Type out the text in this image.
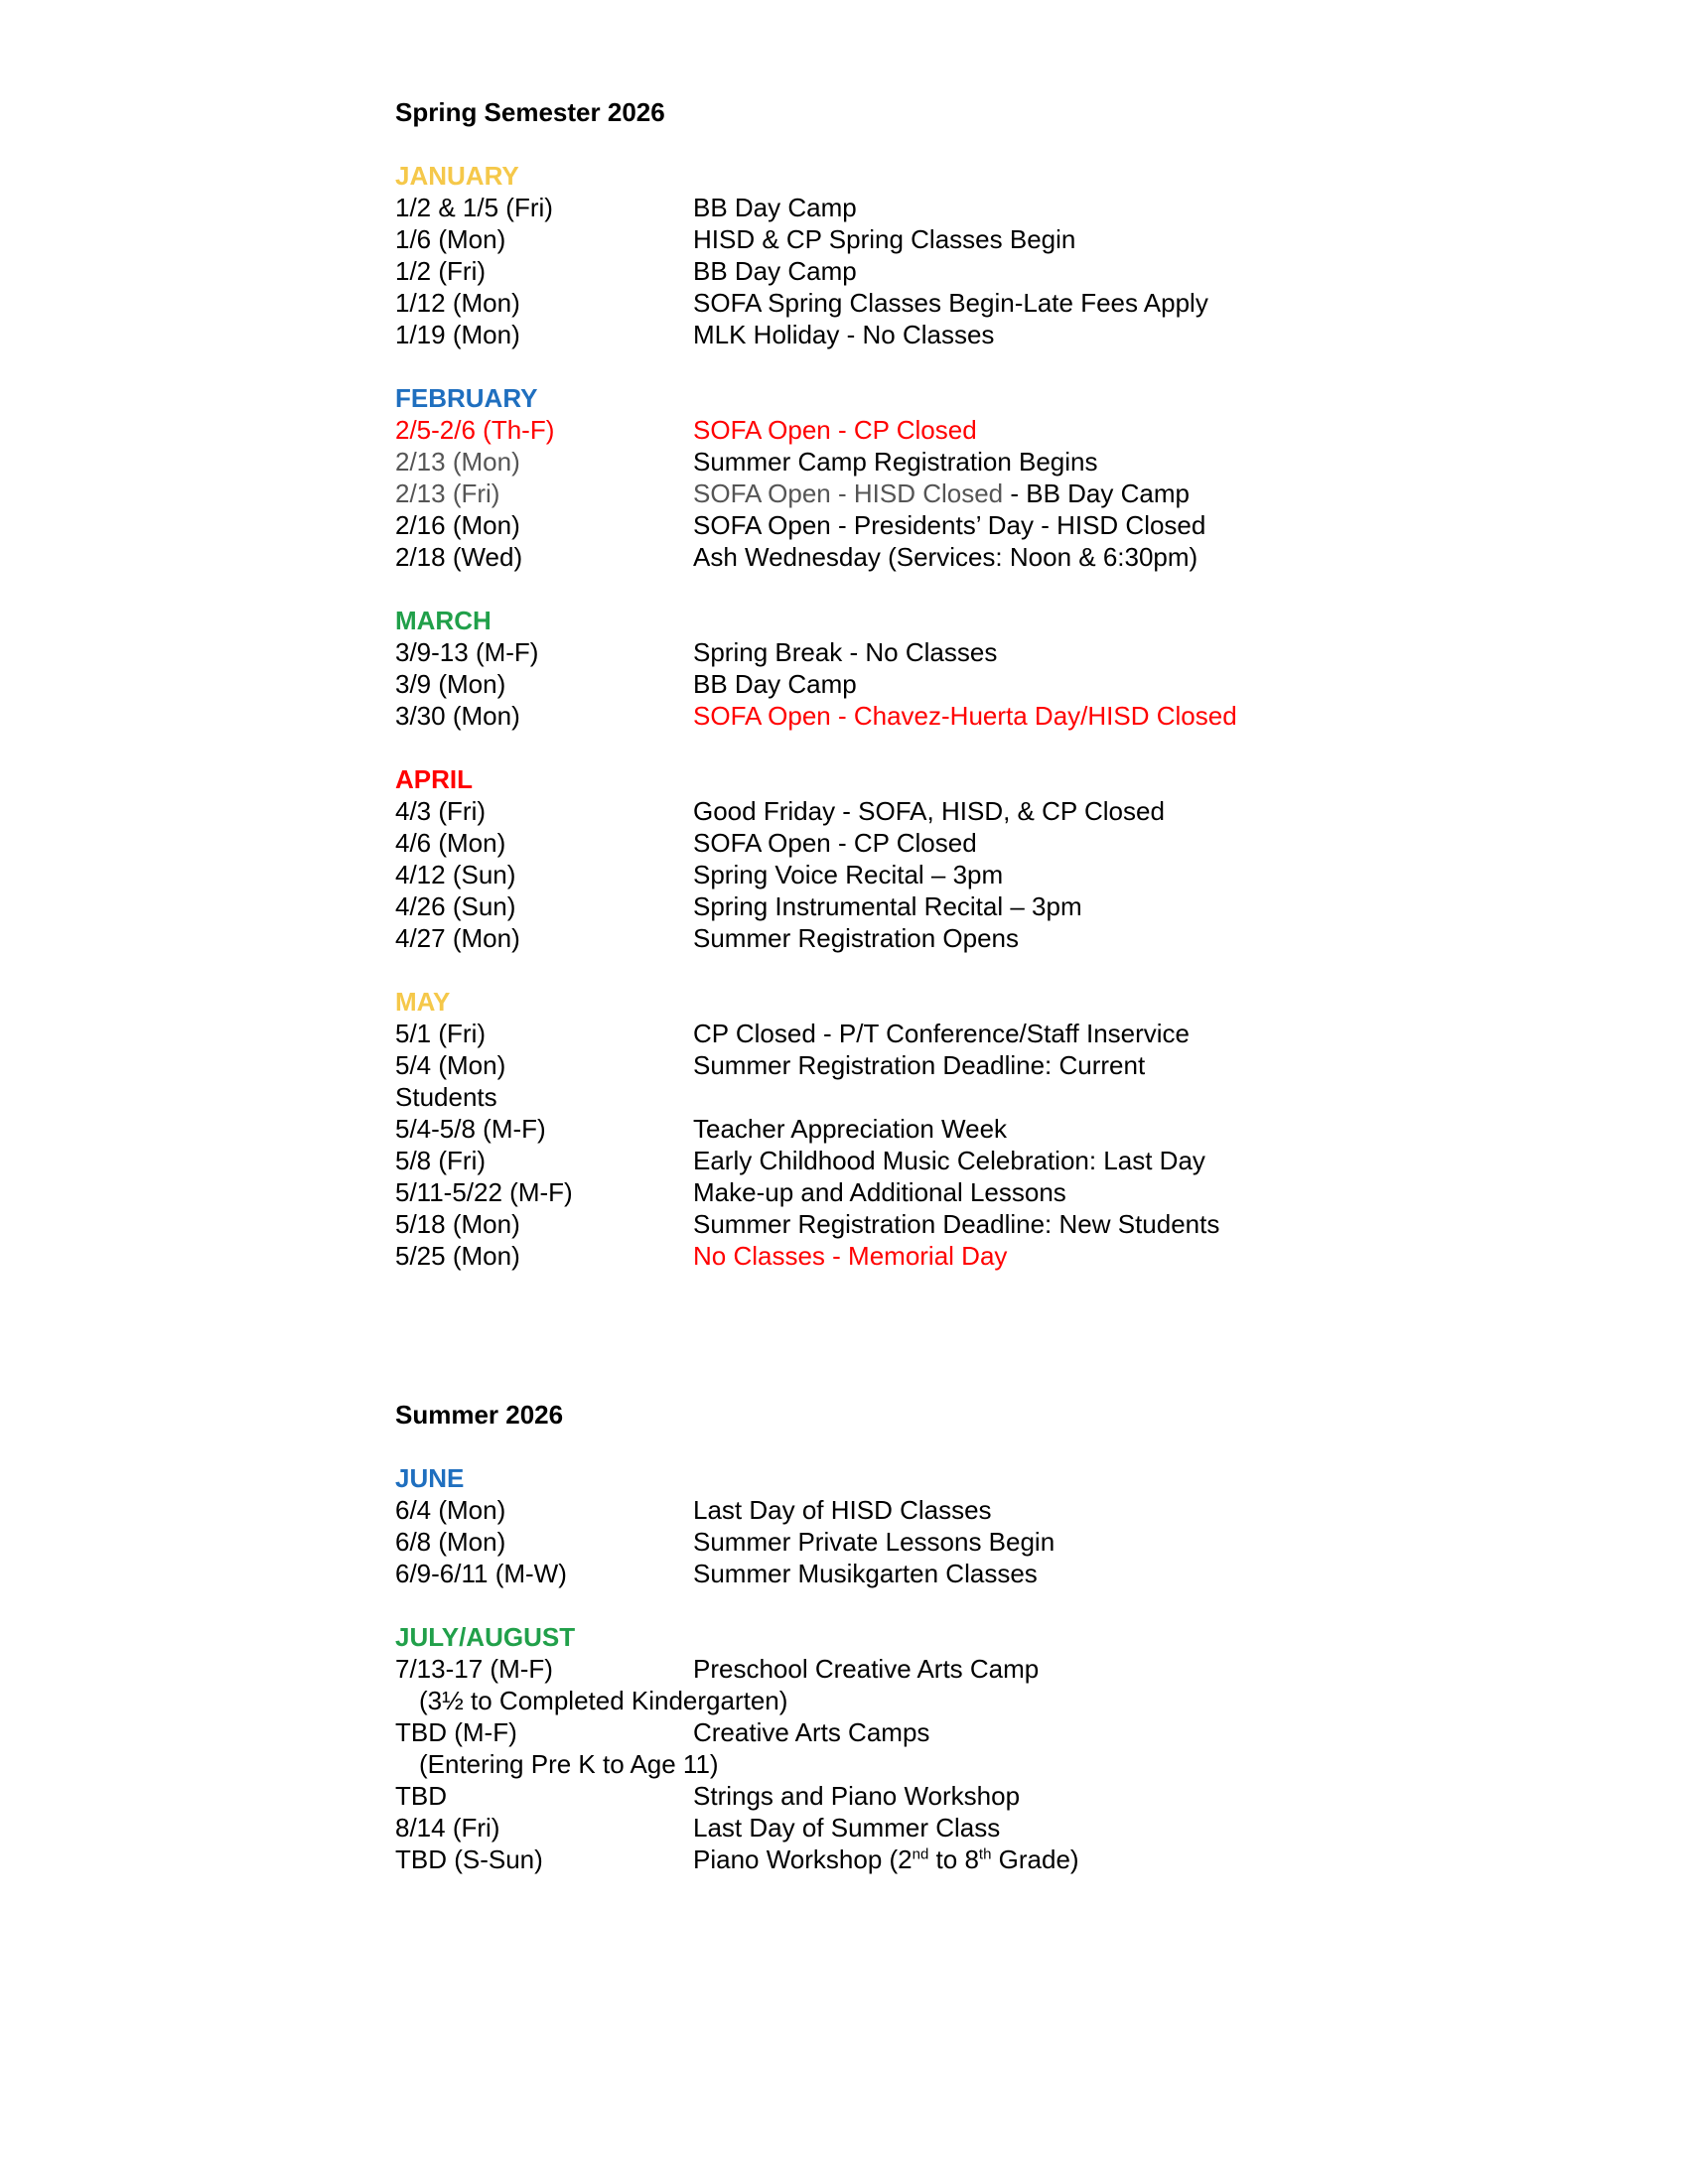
Spring Semester 2026
JANUARY
1/2 & 1/5 (Fri)	BB Day Camp
1/6 (Mon)	HISD & CP Spring Classes Begin
1/2 (Fri)	BB Day Camp
1/12 (Mon)	SOFA Spring Classes Begin-Late Fees Apply
1/19 (Mon)	MLK Holiday - No Classes
FEBRUARY
2/5-2/6 (Th-F)	SOFA Open - CP Closed
2/13 (Mon)	Summer Camp Registration Begins
2/13 (Fri)	SOFA Open - HISD Closed - BB Day Camp
2/16 (Mon)	SOFA Open - Presidents’ Day - HISD Closed
2/18 (Wed)	Ash Wednesday (Services: Noon & 6:30pm)
MARCH
3/9-13 (M-F)	Spring Break - No Classes
3/9 (Mon)	BB Day Camp
3/30 (Mon)	SOFA Open - Chavez-Huerta Day/HISD Closed
APRIL
4/3 (Fri)	Good Friday - SOFA, HISD, & CP Closed
4/6 (Mon)	SOFA Open - CP Closed
4/12 (Sun)	Spring Voice Recital – 3pm
4/26 (Sun)	Spring Instrumental Recital – 3pm
4/27 (Mon)	Summer Registration Opens
MAY
5/1 (Fri)	CP Closed - P/T Conference/Staff Inservice
5/4 (Mon)	Summer Registration Deadline: Current
Students
5/4-5/8 (M-F)	Teacher Appreciation Week
5/8 (Fri)	Early Childhood Music Celebration: Last Day
5/11-5/22 (M-F)	Make-up and Additional Lessons
5/18 (Mon)	Summer Registration Deadline: New Students
5/25 (Mon)	No Classes - Memorial Day
Summer 2026
JUNE
6/4 (Mon)	Last Day of HISD Classes
6/8 (Mon)	Summer Private Lessons Begin
6/9-6/11 (M-W)	Summer Musikgarten Classes
JULY/AUGUST
7/13-17 (M-F)	Preschool Creative Arts Camp
(3½ to Completed Kindergarten)
TBD (M-F)	Creative Arts Camps
(Entering Pre K to Age 11)
TBD	Strings and Piano Workshop
8/14 (Fri)	Last Day of Summer Class
TBD (S-Sun)	Piano Workshop (2nd to 8th Grade)
